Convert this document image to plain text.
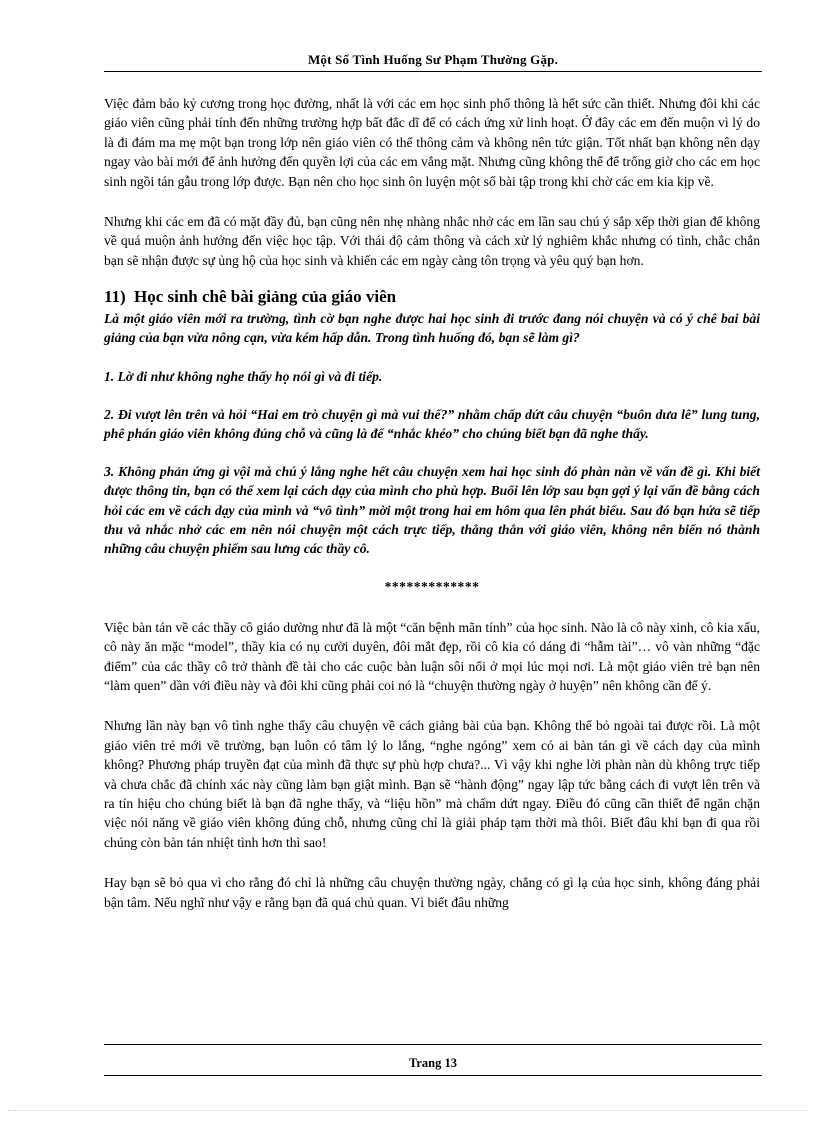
Một Số Tình Huống Sư Phạm Thường Gặp.

Việc đảm bảo kỷ cương trong học đường, nhất là với các em học sinh phổ thông là hết sức cần thiết. Nhưng đôi khi các giáo viên cũng phải tính đến những trường hợp bất đắc dĩ để có cách ứng xử linh hoạt. Ở đây các em đến muộn vì lý do là đi đám ma mẹ một bạn trong lớp nên giáo viên có thể thông cảm và không nên tức giận. Tốt nhất bạn không nên dạy ngay vào bài mới để ảnh hưởng đến quyền lợi của các em vắng mặt. Nhưng cũng không thể để trống giờ cho các em học sinh ngồi tán gẫu trong lớp được. Bạn nên cho học sinh ôn luyện một số bài tập trong khi chờ các em kia kịp về.

Nhưng khi các em đã có mặt đầy đủ, bạn cũng nên nhẹ nhàng nhắc nhở các em lần sau chú ý sắp xếp thời gian để không về quá muộn ảnh hưởng đến việc học tập. Với thái độ cảm thông và cách xử lý nghiêm khắc nhưng có tình, chắc chắn bạn sẽ nhận được sự ủng hộ của học sinh và khiến các em ngày càng tôn trọng và yêu quý bạn hơn.

11) Học sinh chê bài giảng của giáo viên

Là một giáo viên mới ra trường, tình cờ bạn nghe được hai học sinh đi trước đang nói chuyện và có ý chê bai bài giảng của bạn vừa nông cạn, vừa kém hấp dẫn. Trong tình huống đó, bạn sẽ làm gì?

1. Lờ đi như không nghe thấy họ nói gì và đi tiếp.

2. Đi vượt lên trên và hỏi “Hai em trò chuyện gì mà vui thế?” nhằm chấp dứt câu chuyện “buôn dưa lê” lung tung, phê phán giáo viên không đúng chỗ và cũng là để “nhắc khéo” cho chúng biết bạn đã nghe thấy.

3. Không phản ứng gì vội mà chú ý lắng nghe hết câu chuyện xem hai học sinh đó phàn nàn về vấn đề gì. Khi biết được thông tin, bạn có thể xem lại cách dạy của mình cho phù hợp. Buổi lên lớp sau bạn gợi ý lại vấn đề bằng cách hỏi các em về cách dạy của mình và “vô tình” mời một trong hai em hôm qua lên phát biểu. Sau đó bạn hứa sẽ tiếp thu và nhắc nhở các em nên nói chuyện một cách trực tiếp, thẳng thắn với giáo viên, không nên biến nó thành những câu chuyện phiếm sau lưng các thầy cô.

*************

Việc bàn tán về các thầy cô giáo dường như đã là một “căn bệnh mãn tính” của học sinh. Nào là cô này xinh, cô kia xấu, cô này ăn mặc “model”, thầy kia có nụ cười duyên, đôi mắt đẹp, rồi cô kia có dáng đi “hẫm tài”… vô vàn những “đặc điểm” của các thầy cô trở thành đề tài cho các cuộc bàn luận sôi nổi ở mọi lúc mọi nơi. Là một giáo viên trẻ bạn nên “làm quen” dần với điều này và đôi khi cũng phải coi nó là “chuyện thường ngày ở huyện” nên không cần để ý.

Nhưng lần này bạn vô tình nghe thấy câu chuyện về cách giảng bài của bạn. Không thể bỏ ngoài tai được rồi. Là một giáo viên trẻ mới về trường, bạn luôn có tâm lý lo lắng, “nghe ngóng” xem có ai bàn tán gì về cách dạy của mình không? Phương pháp truyền đạt của mình đã thực sự phù hợp chưa?... Vì vậy khi nghe lời phàn nàn dù không trực tiếp và chưa chắc đã chính xác này cũng làm bạn giật mình. Bạn sẽ “hành động” ngay lập tức bằng cách đi vượt lên trên và ra tín hiệu cho chúng biết là bạn đã nghe thấy, và “liệu hồn” mà chấm dứt ngay. Điều đó cũng cần thiết để ngăn chặn việc nói năng về giáo viên không đúng chỗ, nhưng cũng chỉ là giải pháp tạm thời mà thôi. Biết đâu khi bạn đi qua rồi chúng còn bàn tán nhiệt tình hơn thì sao!

Hay bạn sẽ bỏ qua vì cho rằng đó chỉ là những câu chuyện thường ngày, chẳng có gì lạ của học sinh, không đáng phải bận tâm. Nếu nghĩ như vậy e rằng bạn đã quá chủ quan. Vì biết đâu những

Trang 13
